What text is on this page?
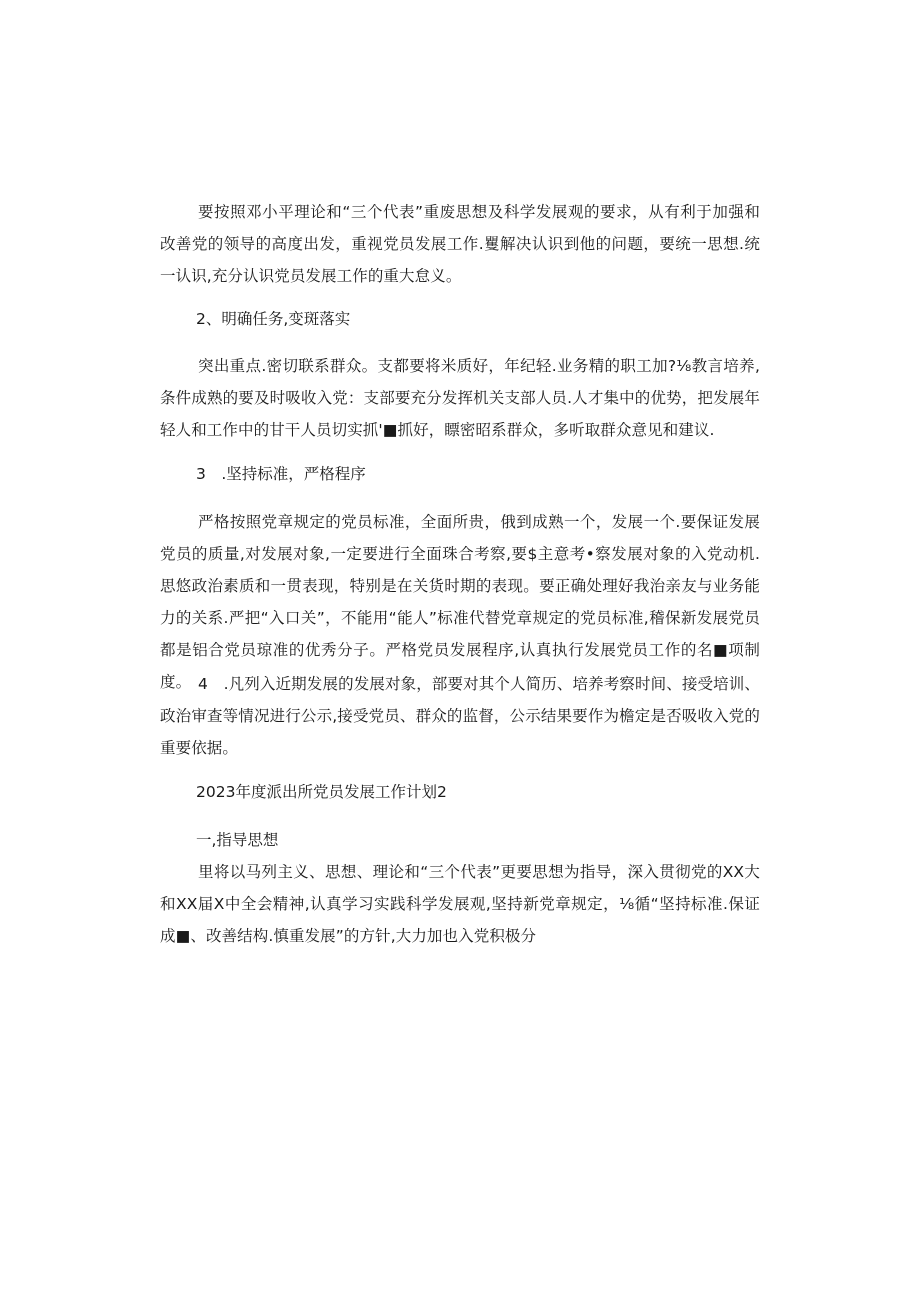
要按照邓小平理论和“三个代表”重废思想及科学发展观的要求，从有利于加强和改善党的领导的高度出发，重视党员发展工作.矍解决认识到他的问题，要统一思想.统一认识,充分认识党员发展工作的重大怠义。

2、明确任务,变斑落实

突出重点.密切联系群众。支都要将米质好，年纪轻.业务精的职工加?⅛教言培养,条件成熟的要及时吸收入党：支部要充分发挥机关支部人员.人才集中的优势，把发展年轻人和工作中的甘干人员切实抓'■抓好，瞟密昭系群众，多听取群众意见和建议.

3　.坚持标准，严格程序

严格按照党章规定的党员标准，全面所贵，俄到成熟一个，发展一个.要保证发展党员的质量,对发展对象,一定要进行全面珠合考察,要$主意考•察发展对象的入党动机.思悠政治素质和一贯表现，特别是在关货时期的表现。要正确处理好我治亲友与业务能力的关系.严把“入口关”，不能用“能人”标准代替党章规定的党员标准,稽保新发展党员都是铝合党员琼准的优秀分子。严格党员发展程序,认真执行发展党员工作的名■项制度。 4　.凡列入近期发展的发展对象，部要对其个人简历、培养考察时间、接受培训、政治审查等情况进行公示,接受党员、群众的监督，公示结果要作为檐定是否吸收入党的重要依据。

2023年度派出所党员发展工作计划2

一,指导思想

里将以马列主义、思想、理论和“三个代表”更要思想为指导，深入贯彻党的XX大和XX届X中全会精神,认真学习实践科学发展观,坚持新党章规定，⅛循“坚持标准.保证成■、改善结构.慎重发展”的方针,大力加也入党积极分
